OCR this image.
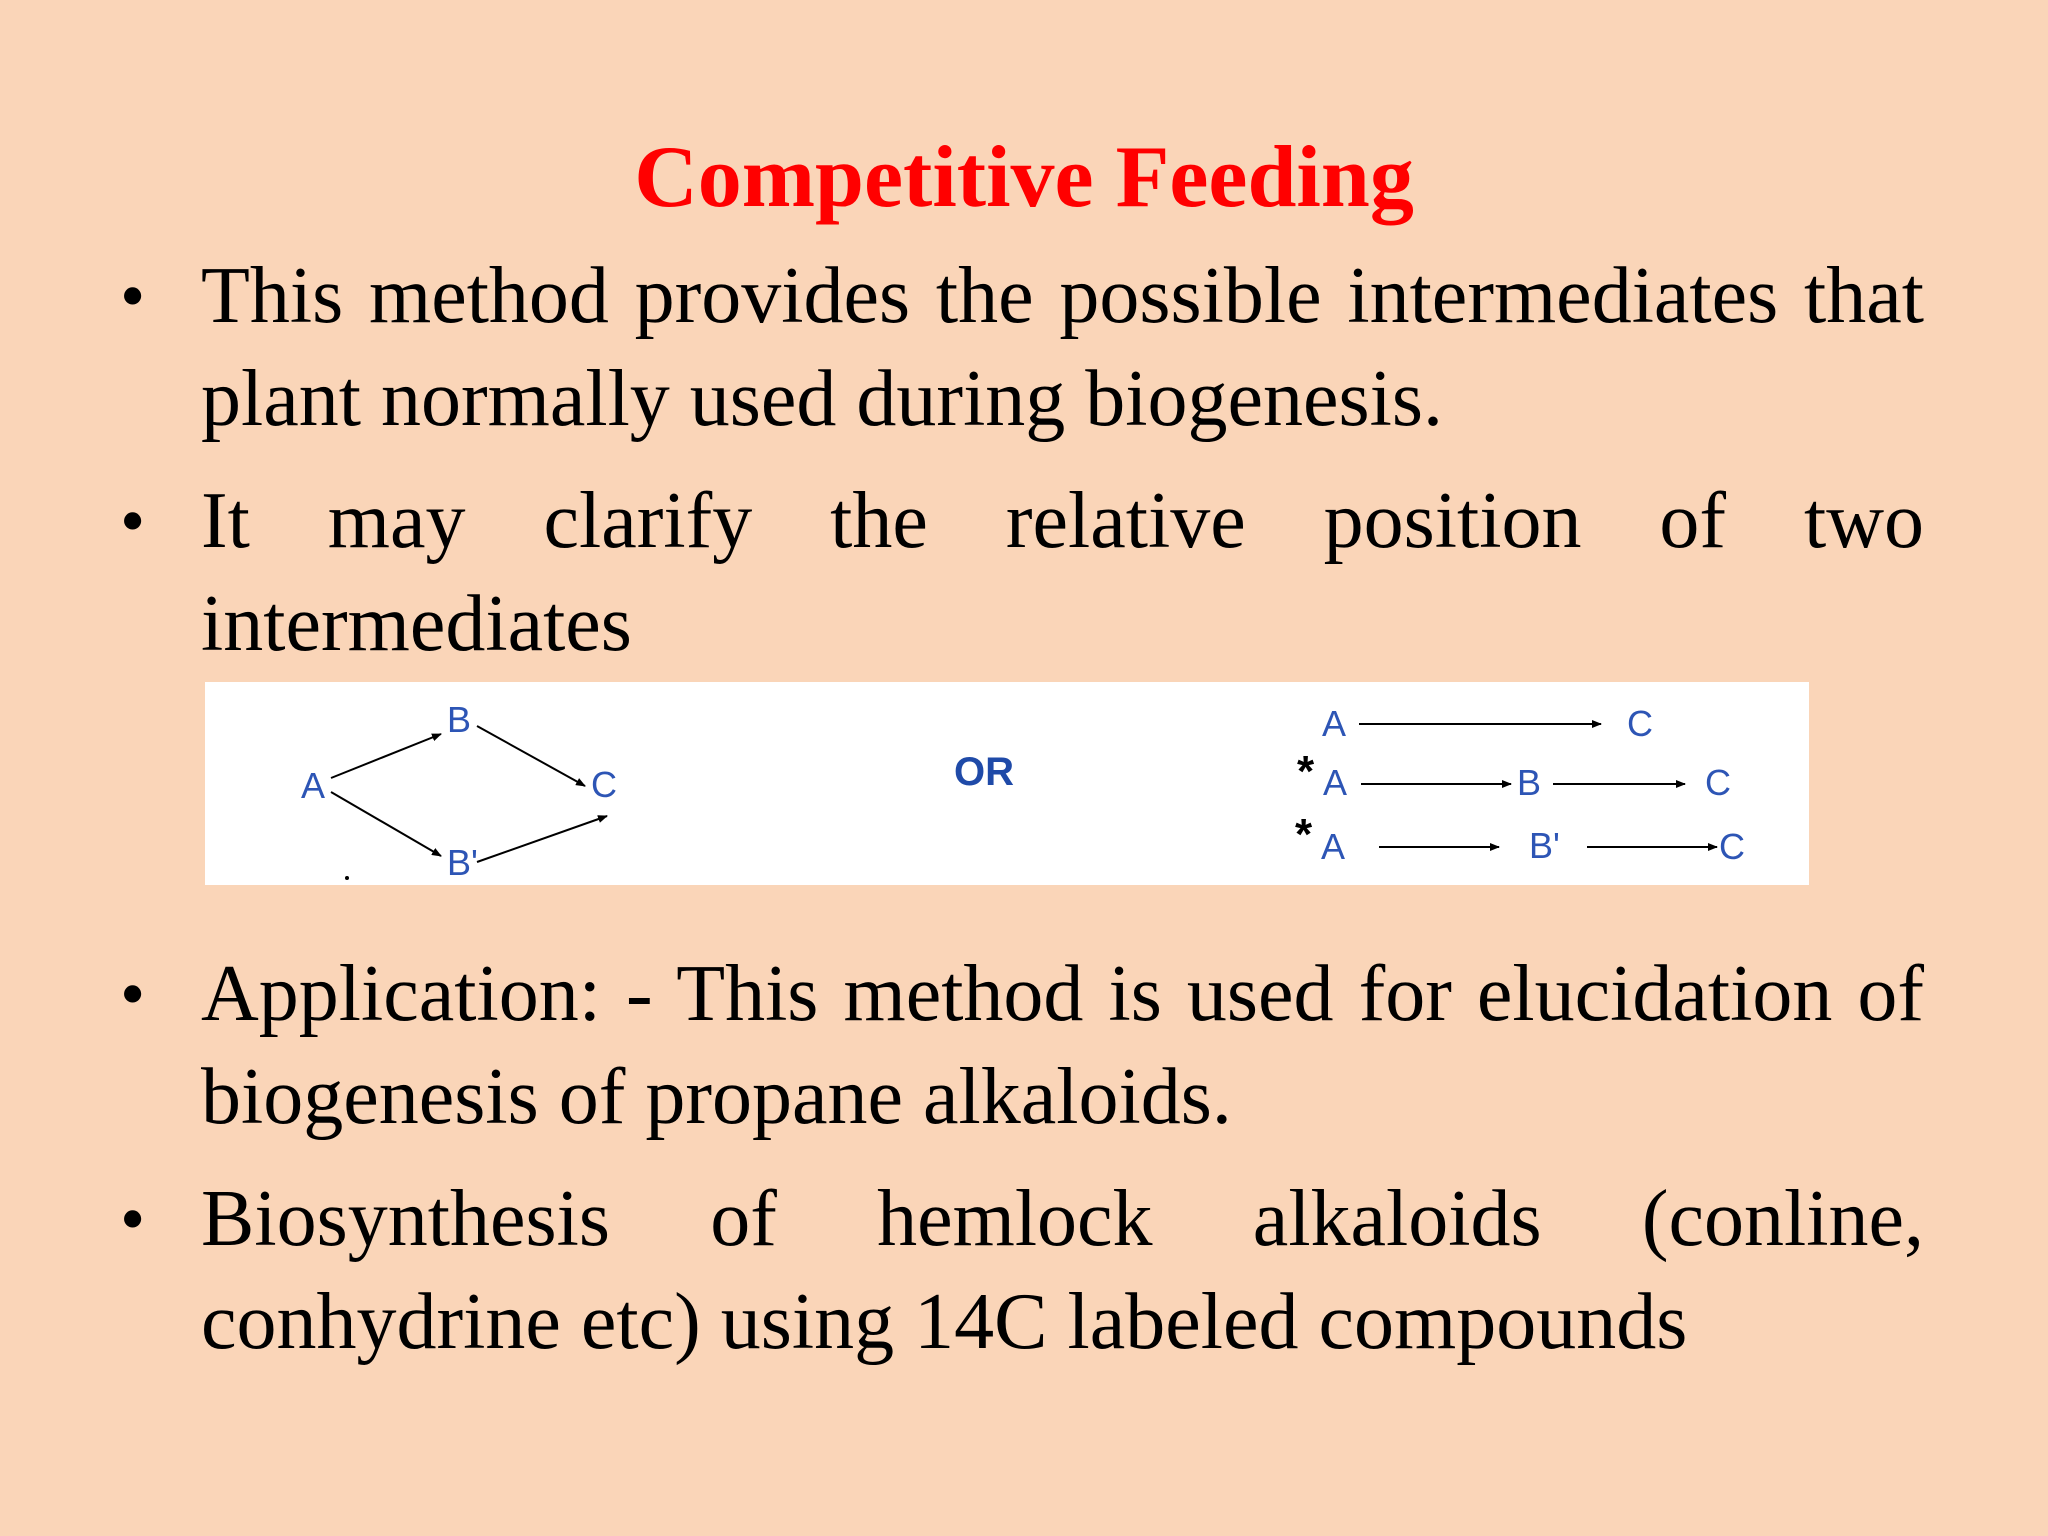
Competitive Feeding
• This method provides the possible intermediates that plant normally used during biogenesis.
• It may clarify the relative position of two intermediates
A
B
C
B'
OR
A	C
* A	B	C
* A	B'	C
• Application: - This method is used for elucidation of biogenesis of propane alkaloids.
• Biosynthesis of hemlock alkaloids (conline, conhydrine etc) using 14C labeled compounds
